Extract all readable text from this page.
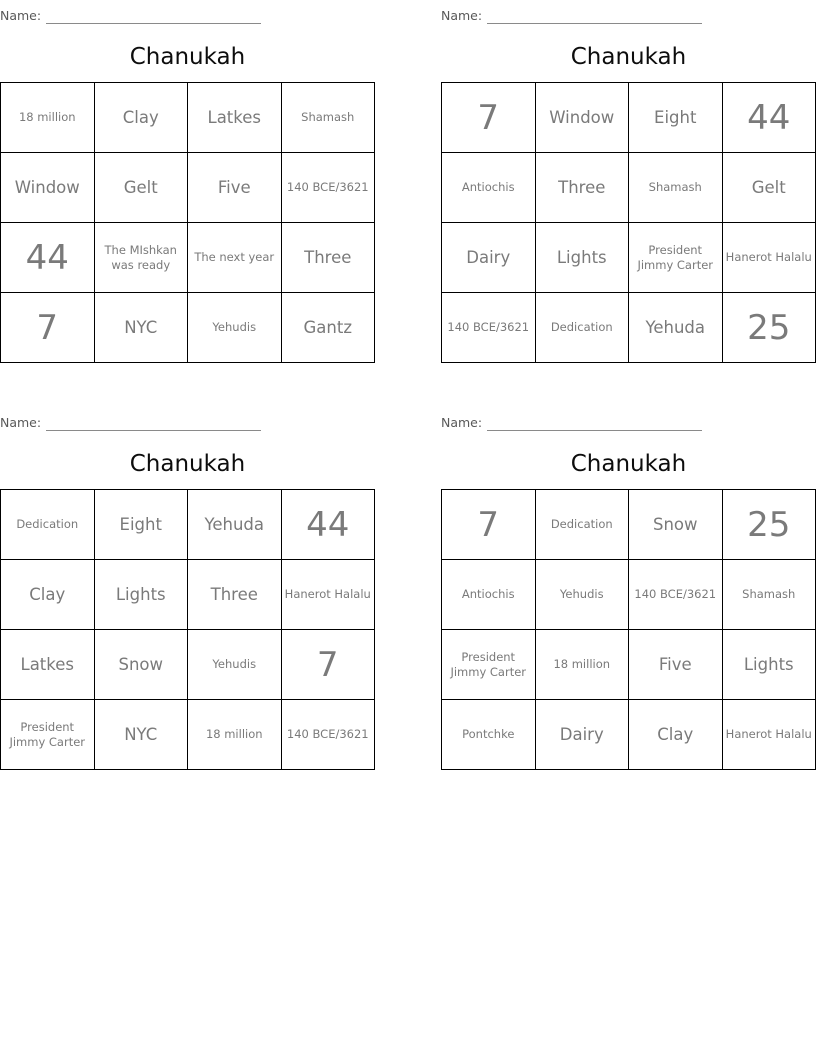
Name:
Chanukah
18 million	Clay	Latkes	Shamash
Window	Gelt	Five	140 BCE/3621
44	The MIshkan was ready	The next year	Three
7	NYC	Yehudis	Gantz
Name:
Chanukah
7	Window	Eight	44
Antiochis	Three	Shamash	Gelt
Dairy	Lights	President Jimmy Carter	Hanerot Halalu
140 BCE/3621	Dedication	Yehuda	25
Name:
Chanukah
Dedication	Eight	Yehuda	44
Clay	Lights	Three	Hanerot Halalu
Latkes	Snow	Yehudis	7
President Jimmy Carter	NYC	18 million	140 BCE/3621
Name:
Chanukah
7	Dedication	Snow	25
Antiochis	Yehudis	140 BCE/3621	Shamash
President Jimmy Carter	18 million	Five	Lights
Pontchke	Dairy	Clay	Hanerot Halalu
